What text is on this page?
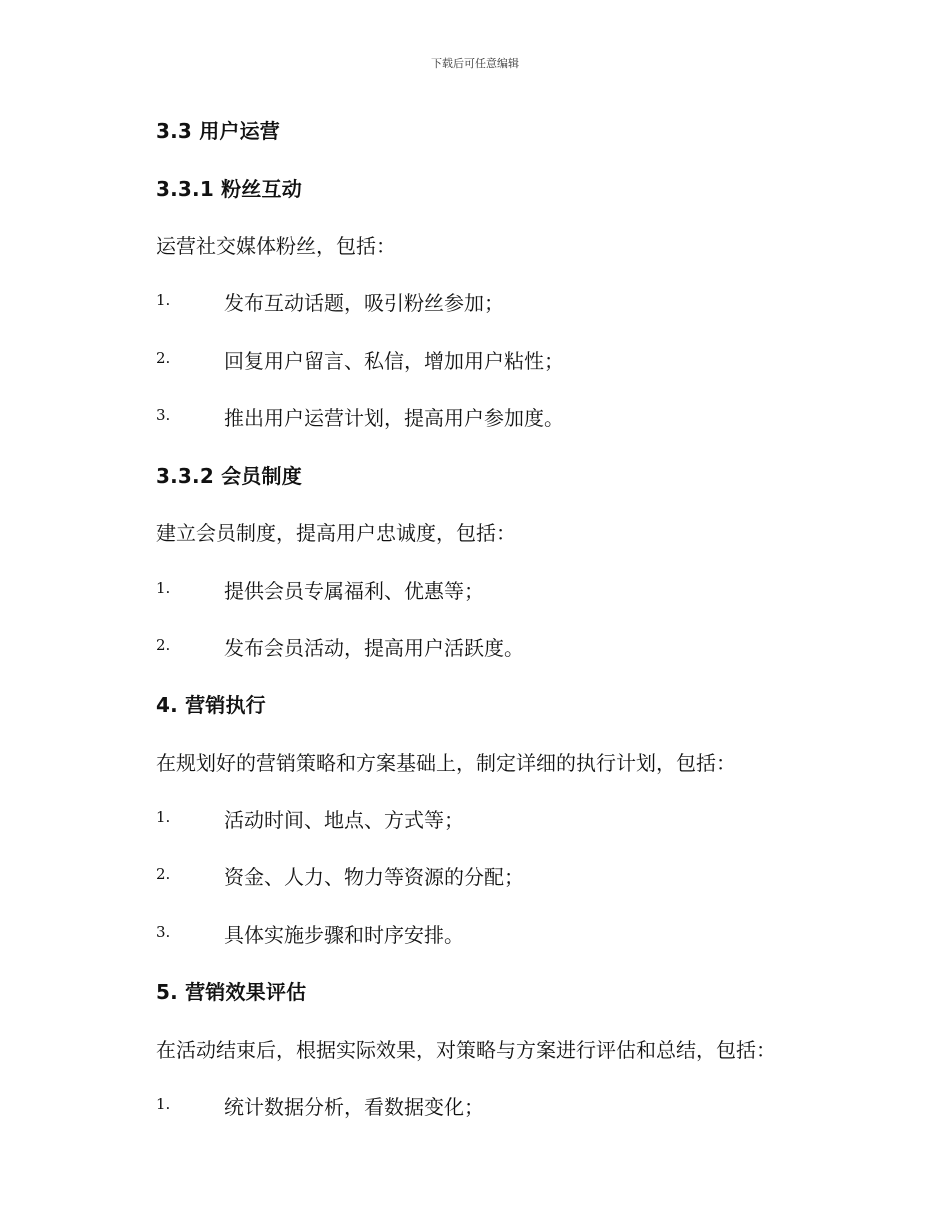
下载后可任意编辑
3.3 用户运营
3.3.1 粉丝互动
运营社交媒体粉丝，包括：
1.	发布互动话题，吸引粉丝参加；
2.	回复用户留言、私信，增加用户粘性；
3.	推出用户运营计划，提高用户参加度。
3.3.2 会员制度
建立会员制度，提高用户忠诚度，包括：
1.	提供会员专属福利、优惠等；
2.	发布会员活动，提高用户活跃度。
4. 营销执行
在规划好的营销策略和方案基础上，制定详细的执行计划，包括：
1.	活动时间、地点、方式等；
2.	资金、人力、物力等资源的分配；
3.	具体实施步骤和时序安排。
5. 营销效果评估
在活动结束后，根据实际效果，对策略与方案进行评估和总结，包括：
1.	统计数据分析，看数据变化；
